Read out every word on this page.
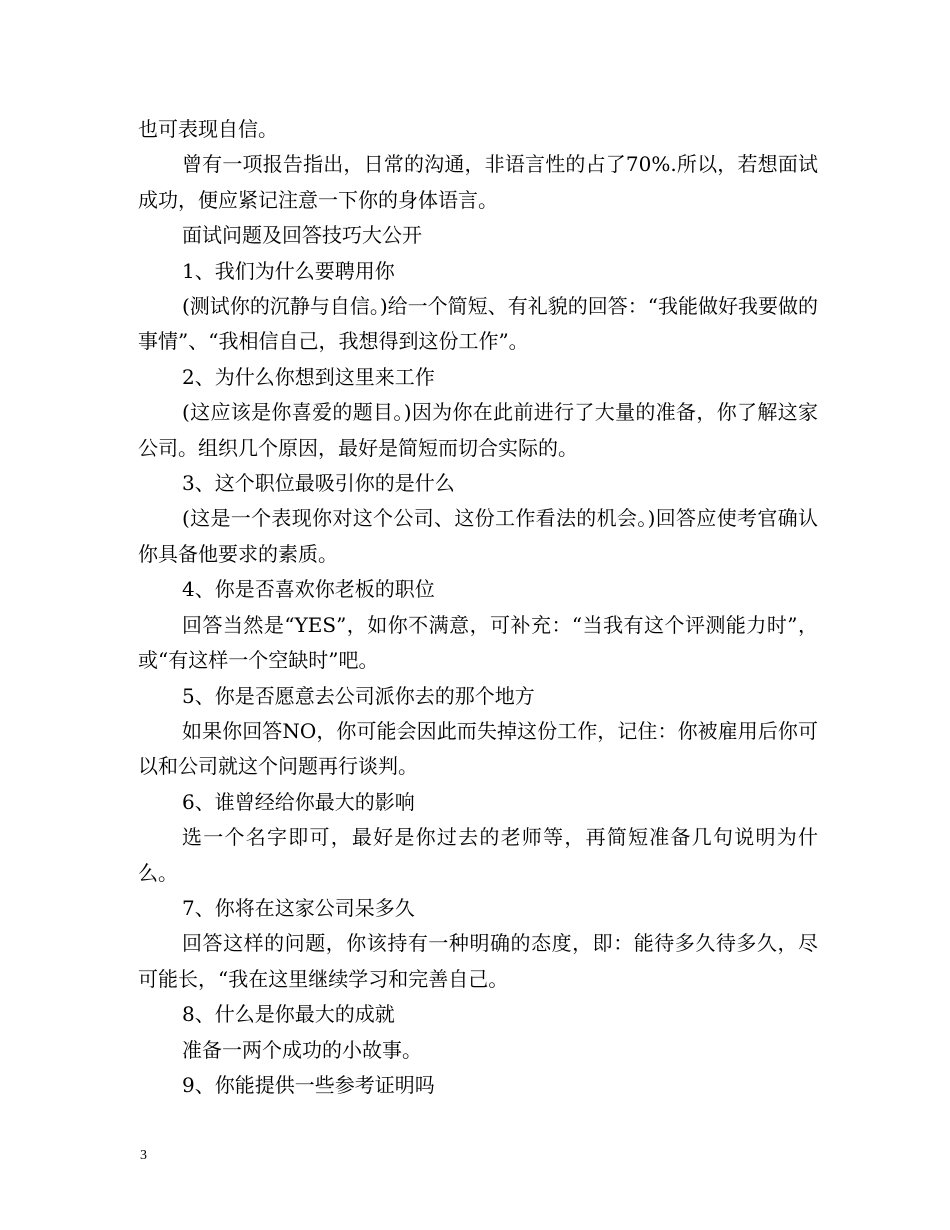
也可表现自信。

曾有一项报告指出，日常的沟通，非语言性的占了70%.所以，若想面试成功，便应紧记注意一下你的身体语言。

面试问题及回答技巧大公开

1、我们为什么要聘用你

(测试你的沉静与自信。)给一个简短、有礼貌的回答：“我能做好我要做的事情”、“我相信自己，我想得到这份工作”。

2、为什么你想到这里来工作

(这应该是你喜爱的题目。)因为你在此前进行了大量的准备，你了解这家公司。组织几个原因，最好是简短而切合实际的。

3、这个职位最吸引你的是什么

(这是一个表现你对这个公司、这份工作看法的机会。)回答应使考官确认你具备他要求的素质。

4、你是否喜欢你老板的职位

回答当然是“YES”，如你不满意，可补充：“当我有这个评测能力时”，或“有这样一个空缺时”吧。

5、你是否愿意去公司派你去的那个地方

如果你回答NO，你可能会因此而失掉这份工作，记住：你被雇用后你可以和公司就这个问题再行谈判。

6、谁曾经给你最大的影响

选一个名字即可，最好是你过去的老师等，再简短准备几句说明为什么。

7、你将在这家公司呆多久

回答这样的问题，你该持有一种明确的态度，即：能待多久待多久，尽可能长，“我在这里继续学习和完善自己。

8、什么是你最大的成就

准备一两个成功的小故事。

9、你能提供一些参考证明吗

3
